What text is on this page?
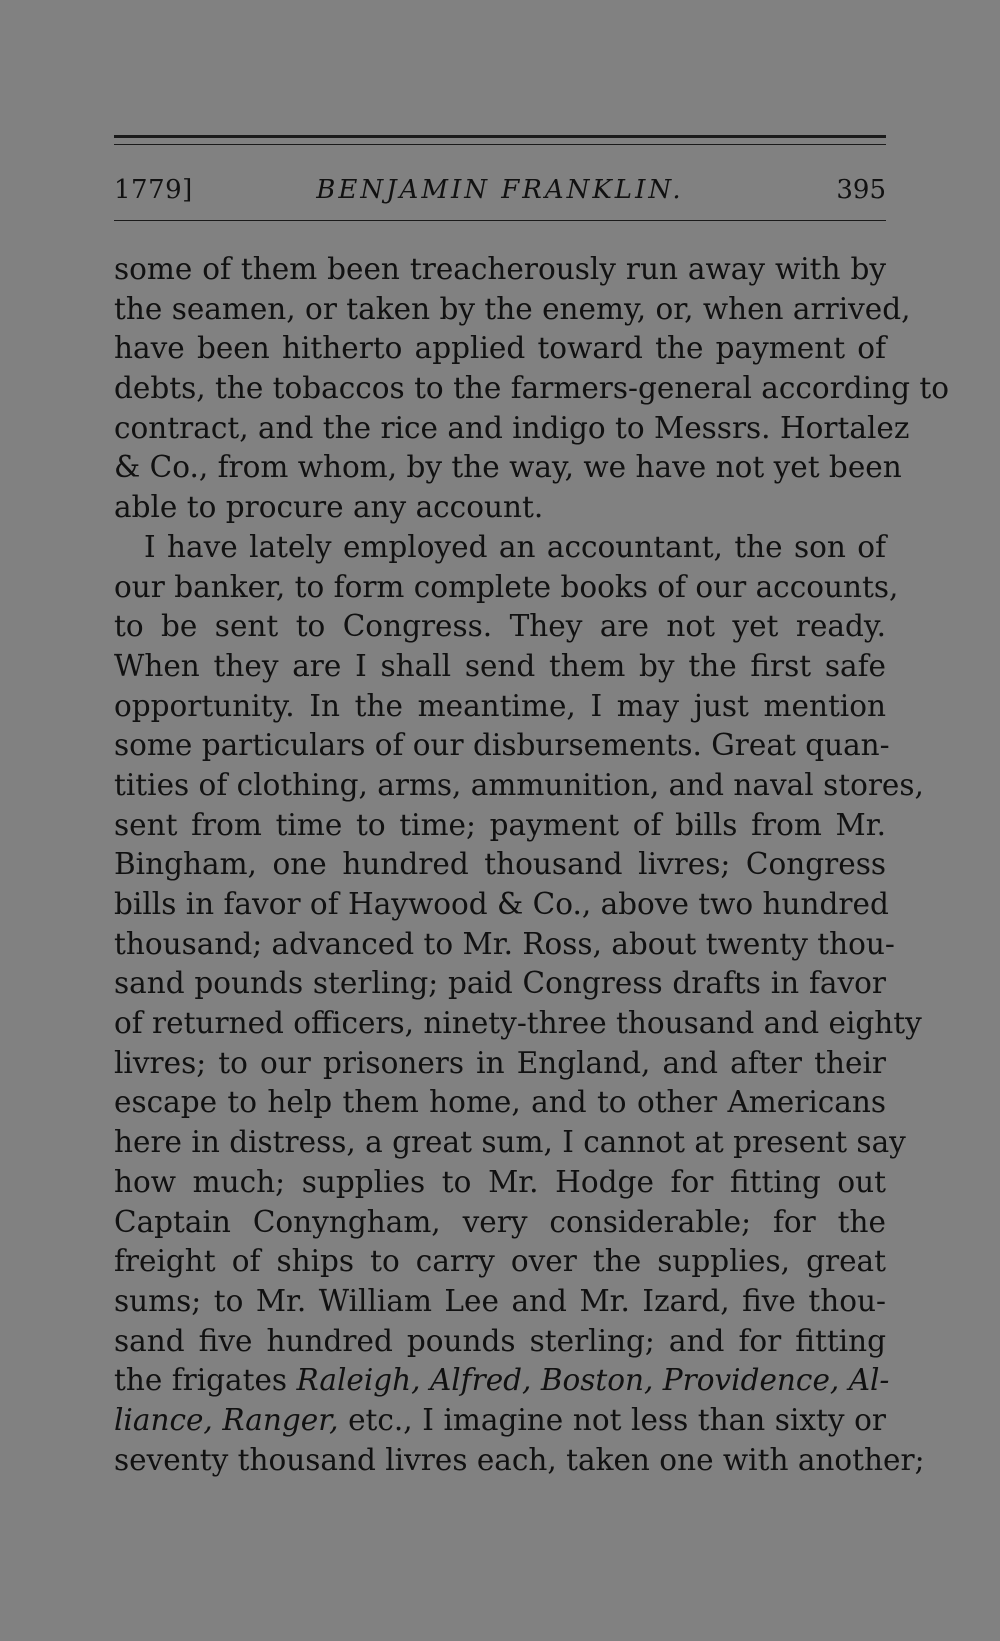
1779]	BENJAMIN FRANKLIN.	395
some of them been treacherously run away with by
the seamen, or taken by the enemy, or, when arrived,
have been hitherto applied toward the payment of
debts, the tobaccos to the farmers-general according to
contract, and the rice and indigo to Messrs. Hortalez
& Co., from whom, by the way, we have not yet been
able to procure any account.
I have lately employed an accountant, the son of
our banker, to form complete books of our accounts,
to be sent to Congress. They are not yet ready.
When they are I shall send them by the first safe
opportunity. In the meantime, I may just mention
some particulars of our disbursements. Great quan-
tities of clothing, arms, ammunition, and naval stores,
sent from time to time; payment of bills from Mr.
Bingham, one hundred thousand livres; Congress
bills in favor of Haywood & Co., above two hundred
thousand; advanced to Mr. Ross, about twenty thou-
sand pounds sterling; paid Congress drafts in favor
of returned officers, ninety-three thousand and eighty
livres; to our prisoners in England, and after their
escape to help them home, and to other Americans
here in distress, a great sum, I cannot at present say
how much; supplies to Mr. Hodge for fitting out
Captain Conyngham, very considerable; for the
freight of ships to carry over the supplies, great
sums; to Mr. William Lee and Mr. Izard, five thou-
sand five hundred pounds sterling; and for fitting
the frigates Raleigh, Alfred, Boston, Providence, Al-
liance, Ranger, etc., I imagine not less than sixty or
seventy thousand livres each, taken one with another;
